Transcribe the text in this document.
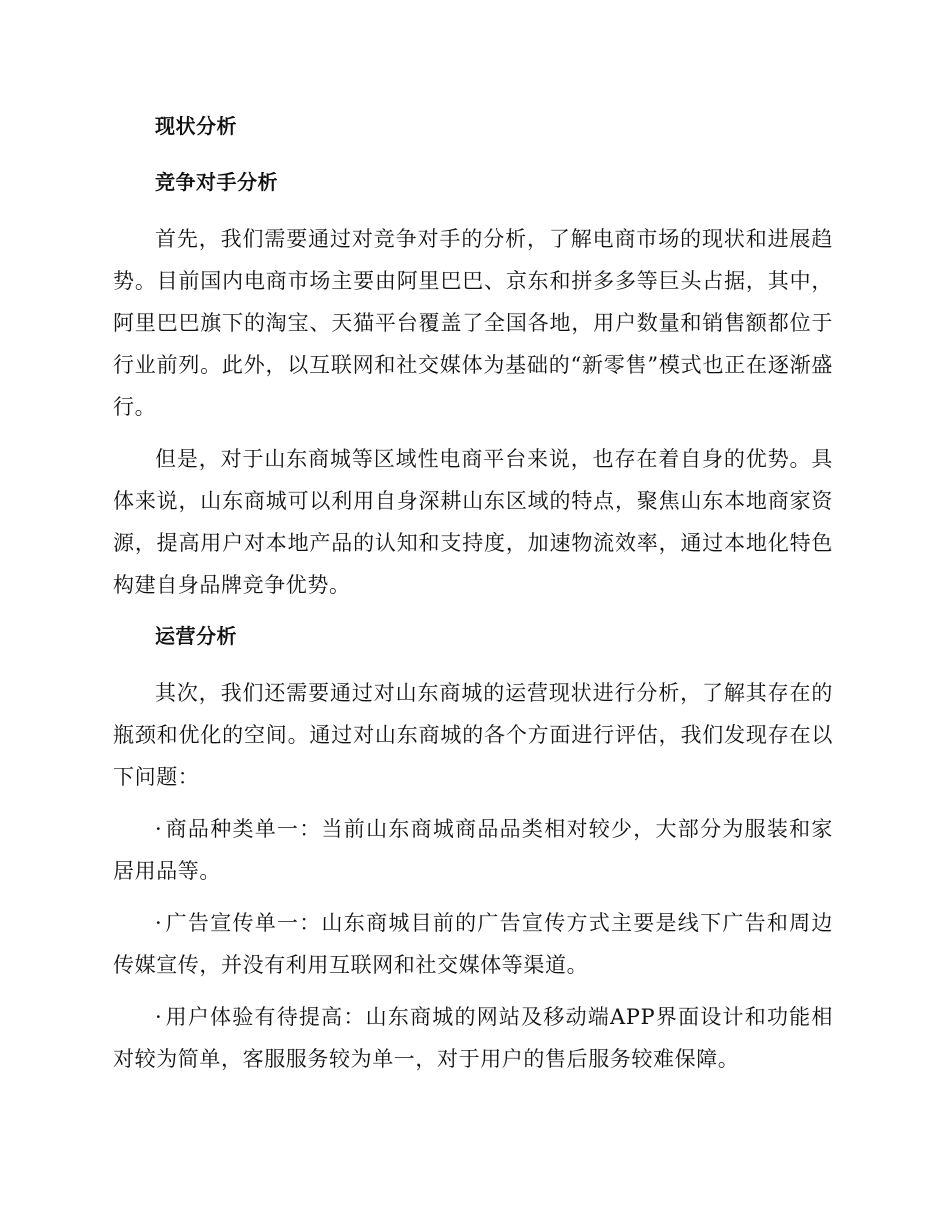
现状分析
竞争对手分析

首先，我们需要通过对竞争对手的分析，了解电商市场的现状和进展趋势。目前国内电商市场主要由阿里巴巴、京东和拼多多等巨头占据，其中，阿里巴巴旗下的淘宝、天猫平台覆盖了全国各地，用户数量和销售额都位于行业前列。此外，以互联网和社交媒体为基础的“新零售”模式也正在逐渐盛行。

但是，对于山东商城等区域性电商平台来说，也存在着自身的优势。具体来说，山东商城可以利用自身深耕山东区域的特点，聚焦山东本地商家资源，提高用户对本地产品的认知和支持度，加速物流效率，通过本地化特色构建自身品牌竞争优势。

运营分析

其次，我们还需要通过对山东商城的运营现状进行分析，了解其存在的瓶颈和优化的空间。通过对山东商城的各个方面进行评估，我们发现存在以下问题：

· 商品种类单一：当前山东商城商品品类相对较少，大部分为服装和家居用品等。

· 广告宣传单一：山东商城目前的广告宣传方式主要是线下广告和周边传媒宣传，并没有利用互联网和社交媒体等渠道。

· 用户体验有待提高：山东商城的网站及移动端APP界面设计和功能相对较为简单，客服服务较为单一，对于用户的售后服务较难保障。
